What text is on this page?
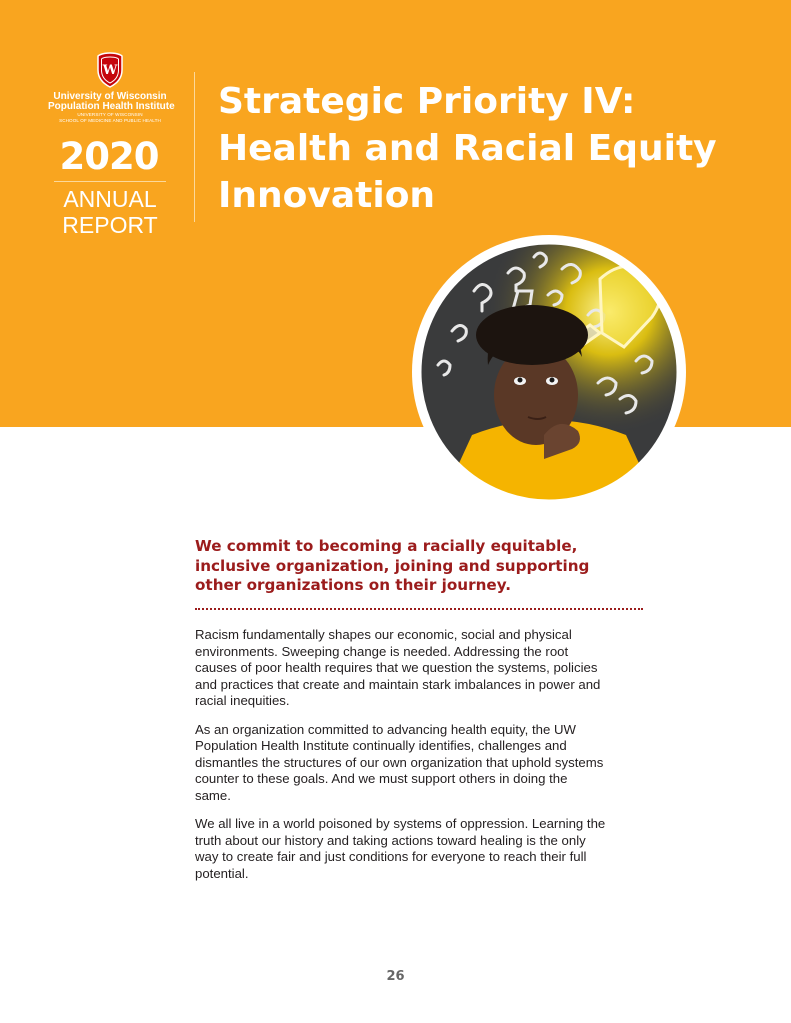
W
University of Wisconsin
Population Health Institute
UNIVERSITY OF WISCONSIN
SCHOOL OF MEDICINE AND PUBLIC HEALTH
2020
ANNUAL
REPORT
Strategic Priority IV:
Health and Racial Equity
Innovation
We commit to becoming a racially equitable,
inclusive organization, joining and supporting
other organizations on their journey.
Racism fundamentally shapes our economic, social and physical
environments. Sweeping change is needed. Addressing the root
causes of poor health requires that we question the systems, policies
and practices that create and maintain stark imbalances in power and
racial inequities.
As an organization committed to advancing health equity, the UW
Population Health Institute continually identifies, challenges and
dismantles the structures of our own organization that uphold systems
counter to these goals. And we must support others in doing the
same.
We all live in a world poisoned by systems of oppression. Learning the
truth about our history and taking actions toward healing is the only
way to create fair and just conditions for everyone to reach their full
potential.
26
